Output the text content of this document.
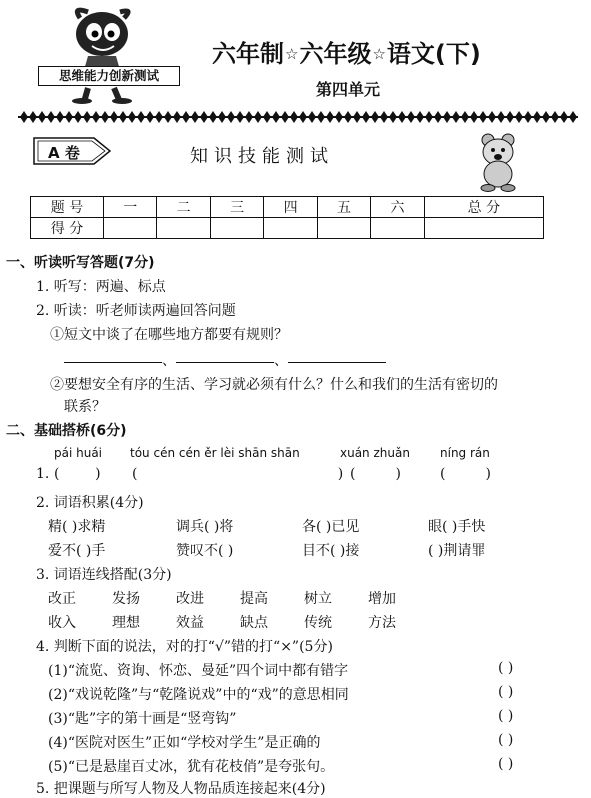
思维能力创新测试
六年制☆六年级☆语文(下)
第四单元
A 卷	知识技能测试
题 号	一	二	三	四	五	六	总 分
得 分							
一、听读听写答题(7分)
1. 听写：两遍、标点
2. 听读：听老师读两遍回答问题
①短文中谈了在哪些地方都要有规则？
、	、
②要想安全有序的生活、学习就必须有什么？什么和我们的生活有密切的
联系？
二、基础搭桥(6分)
pái huái tóu cén cén ěr lèi shān shān	xuán zhuǎn	níng rán
1. (        ) (                                             ) (         )	(         )
2. 词语积累(4分)
精( )求精	调兵( )将	各( )已见	眼( )手快
爱不( )手	赞叹不( )	目不( )接	( )荆请罪
3. 词语连线搭配(3分)
改正	发扬	改进	提高	树立	增加
收入	理想	效益	缺点	传统	方法
4. 判断下面的说法，对的打“√”错的打“×”(5分)
(1)“流览、资询、怀恋、曼延”四个词中都有错字	( )
(2)“戏说乾隆”与“乾隆说戏”中的“戏”的意思相同	( )
(3)“匙”字的第十画是“竖弯钩”	( )
(4)“医院对医生”正如“学校对学生”是正确的	( )
(5)“已是悬崖百丈冰，犹有花枝俏”是夸张句。	( )
5. 把课题与所写人物及人物品质连接起来(4分)
